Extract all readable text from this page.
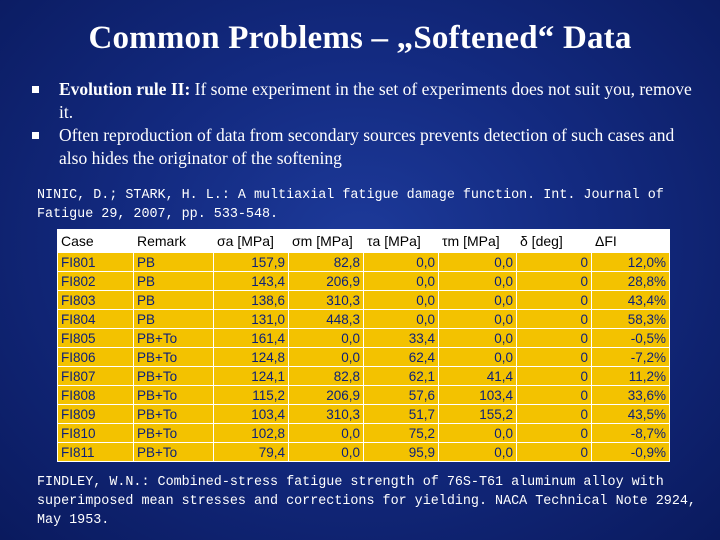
Common Problems – „Softened“ Data
Evolution rule II: If some experiment in the set of experiments does not suit you, remove it.
Often reproduction of data from secondary sources prevents detection of such cases and also hides the originator of the softening

NINIC, D.; STARK, H. L.: A multiaxial fatigue damage function. Int. Journal of Fatigue 29, 2007, pp. 533-548.

Case	Remark	σa [MPa]	σm [MPa]	τa [MPa]	τm [MPa]	δ [deg]	ΔFI
FI801	PB	157,9	82,8	0,0	0,0	0	12,0%
FI802	PB	143,4	206,9	0,0	0,0	0	28,8%
FI803	PB	138,6	310,3	0,0	0,0	0	43,4%
FI804	PB	131,0	448,3	0,0	0,0	0	58,3%
FI805	PB+To	161,4	0,0	33,4	0,0	0	-0,5%
FI806	PB+To	124,8	0,0	62,4	0,0	0	-7,2%
FI807	PB+To	124,1	82,8	62,1	41,4	0	11,2%
FI808	PB+To	115,2	206,9	57,6	103,4	0	33,6%
FI809	PB+To	103,4	310,3	51,7	155,2	0	43,5%
FI810	PB+To	102,8	0,0	75,2	0,0	0	-8,7%
FI811	PB+To	79,4	0,0	95,9	0,0	0	-0,9%

FINDLEY, W.N.: Combined-stress fatigue strength of 76S-T61 aluminum alloy with superimposed mean stresses and corrections for yielding. NACA Technical Note 2924, May 1953.
